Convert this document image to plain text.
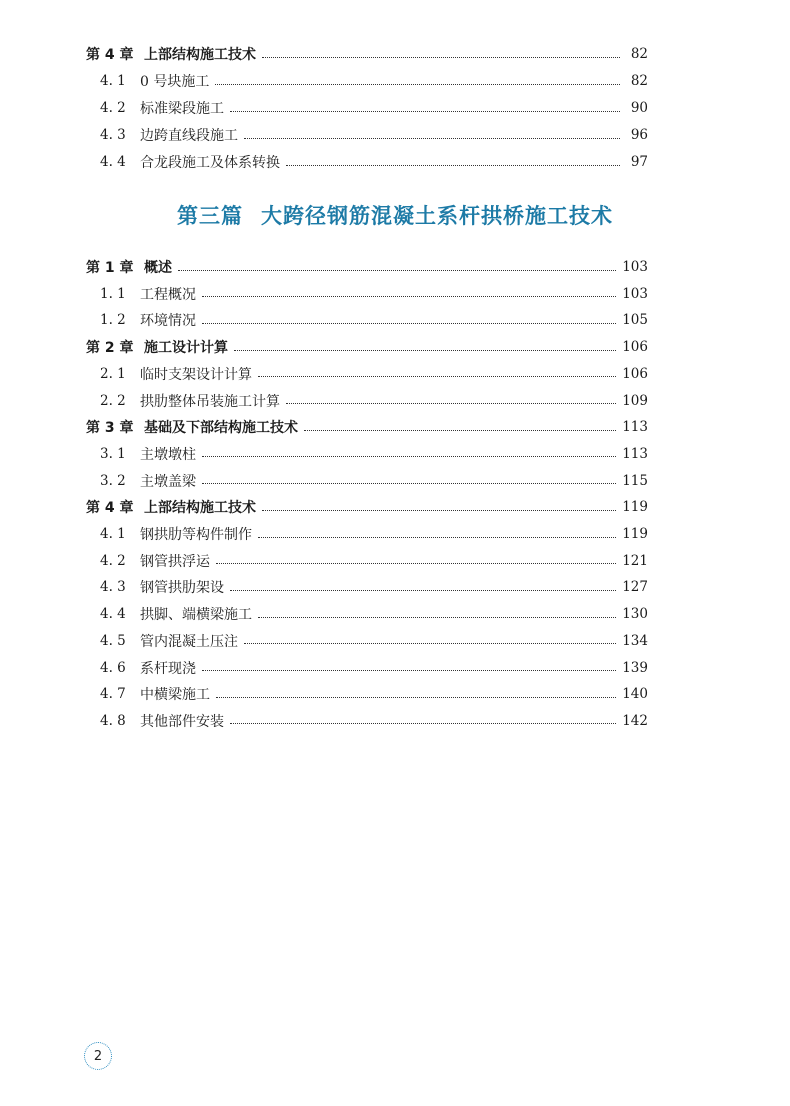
第 4 章 上部结构施工技术	82
4. 1	0 号块施工	82
4. 2	标准梁段施工	90
4. 3	边跨直线段施工	96
4. 4	合龙段施工及体系转换	97
第三篇 大跨径钢筋混凝土系杆拱桥施工技术
第 1 章 概述	103
1. 1	工程概况	103
1. 2	环境情况	105
第 2 章 施工设计计算	106
2. 1	临时支架设计计算	106
2. 2	拱肋整体吊装施工计算	109
第 3 章 基础及下部结构施工技术	113
3. 1	主墩墩柱	113
3. 2	主墩盖梁	115
第 4 章 上部结构施工技术	119
4. 1	钢拱肋等构件制作	119
4. 2	钢管拱浮运	121
4. 3	钢管拱肋架设	127
4. 4	拱脚、端横梁施工	130
4. 5	管内混凝土压注	134
4. 6	系杆现浇	139
4. 7	中横梁施工	140
4. 8	其他部件安装	142
2
